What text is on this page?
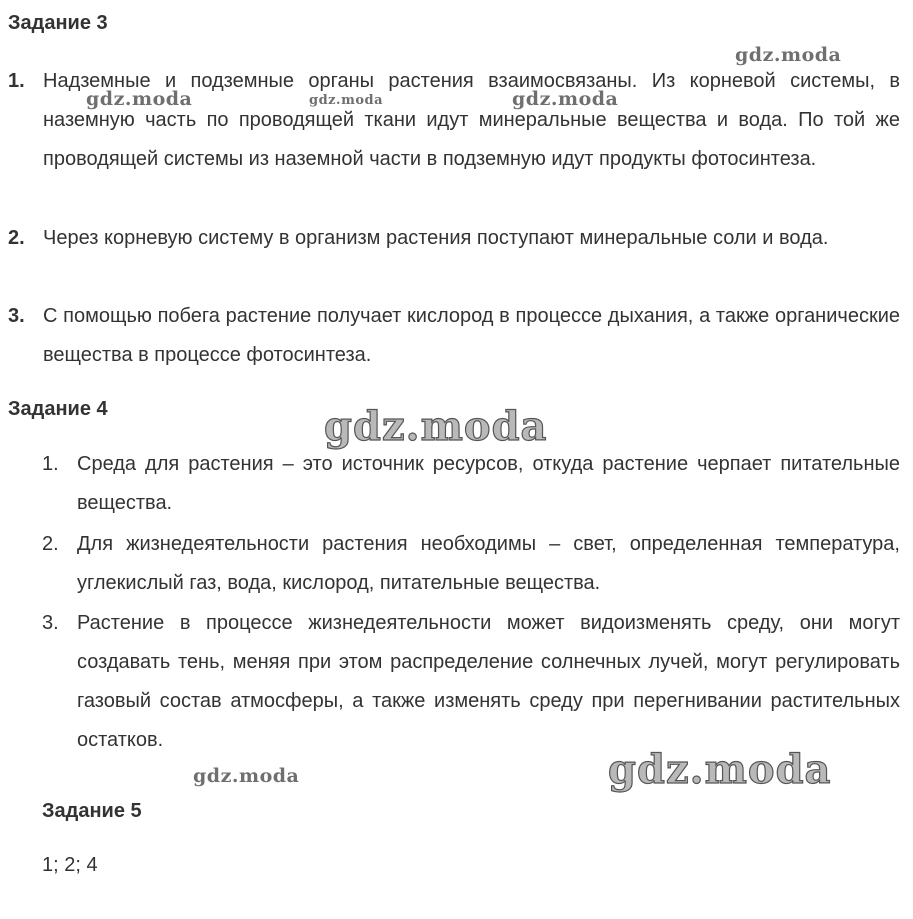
Задание 3
1. Надземные и подземные органы растения взаимосвязаны. Из корневой системы, в наземную часть по проводящей ткани идут минеральные вещества и вода. По той же проводящей системы из наземной части в подземную идут продукты фотосинтеза.

2. Через корневую систему в организм растения поступают минеральные соли и вода.

3. С помощью побега растение получает кислород в процессе дыхания, а также органические вещества в процессе фотосинтеза.

Задание 4
1. Среда для растения – это источник ресурсов, откуда растение черпает питательные вещества.

2. Для жизнедеятельности растения необходимы – свет, определенная температура, углекислый газ, вода, кислород, питательные вещества.

3. Растение в процессе жизнедеятельности может видоизменять среду, они могут создавать тень, меняя при этом распределение солнечных лучей, могут регулировать газовый состав атмосферы, а также изменять среду при перегнивании растительных остатков.

Задание 5

1; 2; 4

gdz.moda
gdz.moda	gdz.moda	gdz.moda
gdz.moda
gdz.moda	gdz.moda
